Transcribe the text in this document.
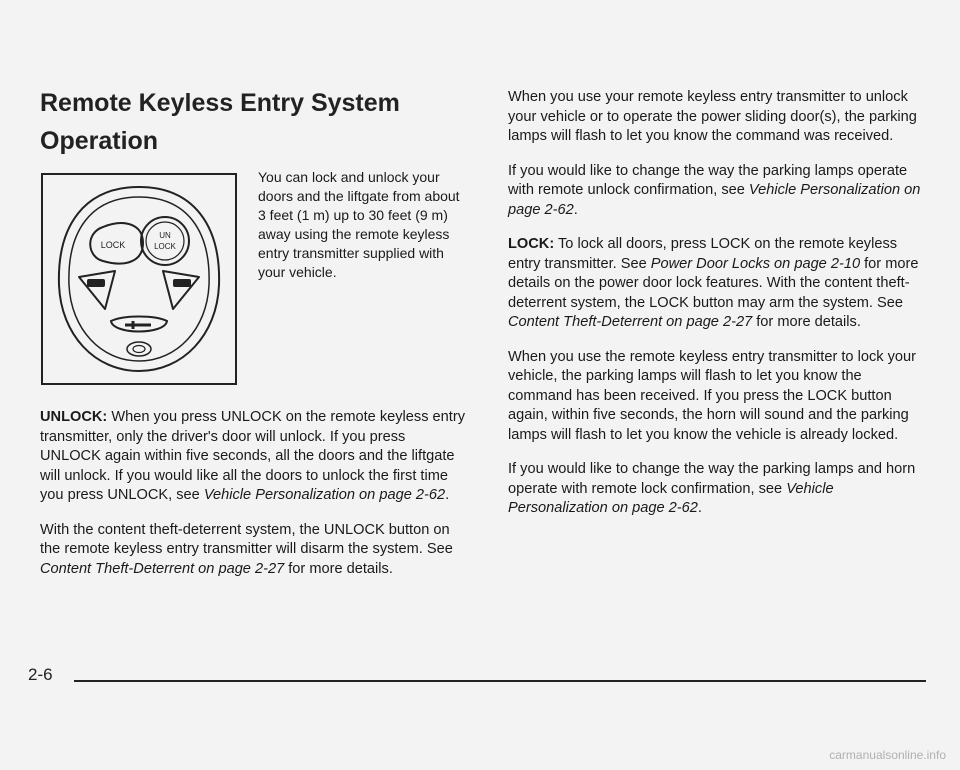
Remote Keyless Entry System Operation
LOCK
UN
LOCK

You can lock and unlock your doors and the liftgate from about 3 feet (1 m) up to 30 feet (9 m) away using the remote keyless entry transmitter supplied with your vehicle.

UNLOCK: When you press UNLOCK on the remote keyless entry transmitter, only the driver's door will unlock. If you press UNLOCK again within five seconds, all the doors and the liftgate will unlock. If you would like all the doors to unlock the first time you press UNLOCK, see Vehicle Personalization on page 2-62.

With the content theft-deterrent system, the UNLOCK button on the remote keyless entry transmitter will disarm the system. See Content Theft-Deterrent on page 2-27 for more details.

When you use your remote keyless entry transmitter to unlock your vehicle or to operate the power sliding door(s), the parking lamps will flash to let you know the command was received.

If you would like to change the way the parking lamps operate with remote unlock confirmation, see Vehicle Personalization on page 2-62.

LOCK: To lock all doors, press LOCK on the remote keyless entry transmitter. See Power Door Locks on page 2-10 for more details on the power door lock features. With the content theft-deterrent system, the LOCK button may arm the system. See Content Theft-Deterrent on page 2-27 for more details.

When you use the remote keyless entry transmitter to lock your vehicle, the parking lamps will flash to let you know the command has been received. If you press the LOCK button again, within five seconds, the horn will sound and the parking lamps will flash to let you know the vehicle is already locked.

If you would like to change the way the parking lamps and horn operate with remote lock confirmation, see Vehicle Personalization on page 2-62.

2-6
carmanualsonline.info
